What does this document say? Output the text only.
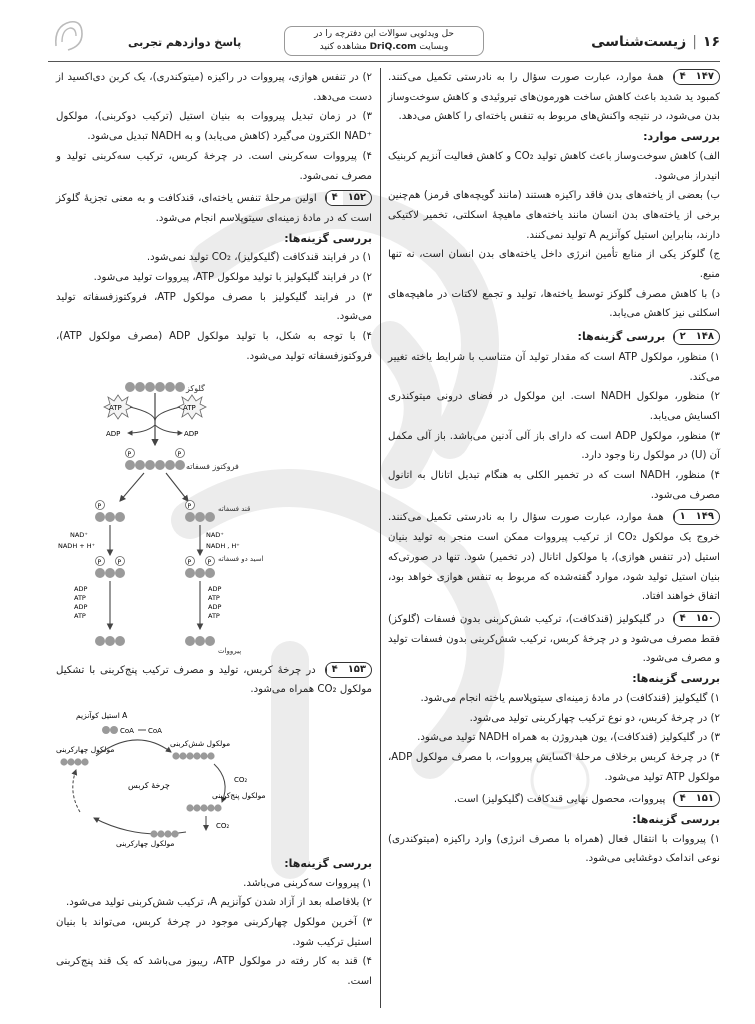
پاسخ دوازدهم تجربی
حل ویدئویی سوالات این دفترچه را در
وبسایت DriQ.com مشاهده کنید	۱۶|زیست‌شناسی

۴	۱۴۷
همهٔ موارد، عبارت صورت سؤال را به نادرستی تکمیل می‌کنند. کمبود ید شدید باعث کاهش ساخت هورمون‌های تیروئیدی و کاهش سوخت‌وساز بدن می‌شود، در نتیجه واکنش‌های مربوط به تنفس یاخته‌ای را کاهش می‌دهد.

بررسی موارد:

الف) کاهش سوخت‌وساز باعث کاهش تولید CO₂ و کاهش فعالیت آنزیم کربنیک انیدراز می‌شود.

ب) بعضی از یاخته‌های بدن فاقد راکیزه هستند (مانند گویچه‌های قرمز) هم‌چنین برخی از یاخته‌های بدن انسان مانند یاخته‌های ماهیچهٔ اسکلتی، تخمیر لاکتیکی دارند، بنابراین استیل کوآنزیم A تولید نمی‌کنند.

ج) گلوکز یکی از منابع تأمین انرژی داخل یاخته‌های بدن انسان است، نه تنها منبع.

د) با کاهش مصرف گلوکز توسط یاخته‌ها، تولید و تجمع لاکتات در ماهیچه‌های اسکلتی نیز کاهش می‌یابد.

۲	۱۴۸
بررسی گزینه‌ها:

۱) منظور، مولکول ATP است که مقدار تولید آن متناسب با شرایط یاخته تغییر می‌کند.

۲) منظور، مولکول NADH است. این مولکول در فضای درونی میتوکندری اکسایش می‌یابد.

۳) منظور، مولکول ADP است که دارای باز آلی آدنین می‌باشد. باز آلی مکمل آن (U) در مولکول رنا وجود دارد.

۴) منظور، NADH است که در تخمیر الکلی به هنگام تبدیل اتانال به اتانول مصرف می‌شود.

۱	۱۴۹
همهٔ موارد، عبارت صورت سؤال را به نادرستی تکمیل می‌کنند. خروج یک مولکول CO₂ از ترکیب پیرووات ممکن است منجر به تولید بنیان استیل (در تنفس هوازی)، یا مولکول اتانال (در تخمیر) شود. تنها در صورتی‌که بنیان استیل تولید شود، موارد گفته‌شده که مربوط به تنفس هوازی خواهد بود، اتفاق خواهند افتاد.

۴	۱۵۰
در گلیکولیز (قندکافت)، ترکیب شش‌کربنی بدون فسفات (گلوکز) فقط مصرف می‌شود و در چرخهٔ کربس، ترکیب شش‌کربنی بدون فسفات تولید و مصرف می‌شود.

بررسی گزینه‌ها:

۱) گلیکولیز (قندکافت) در مادهٔ زمینه‌ای سیتوپلاسم یاخته انجام می‌شود.

۲) در چرخهٔ کربس، دو نوع ترکیب چهارکربنی تولید می‌شود.

۳) در گلیکولیز (قندکافت)، یون هیدروژن به همراه NADH تولید می‌شود.

۴) در چرخهٔ کربس برخلاف مرحلهٔ اکسایش پیرووات، با مصرف مولکول ADP، مولکول ATP تولید می‌شود.

۴	۱۵۱
پیرووات، محصول نهایی قندکافت (گلیکولیز) است.

بررسی گزینه‌ها:

۱) پیرووات با انتقال فعال (همراه با مصرف انرژی) وارد راکیزه (میتوکندری) نوعی اندامک دوغشایی می‌شود.

۲) در تنفس هوازی، پیرووات در راکیزه (میتوکندری)، یک کربن دی‌اکسید از دست می‌دهد.

۳) در زمان تبدیل پیرووات به بنیان استیل (ترکیب دوکربنی)، مولکول ⁺NAD الکترون می‌گیرد (کاهش می‌یابد) و به NADH تبدیل می‌شود.

۴) پیرووات سه‌کربنی است. در چرخهٔ کربس، ترکیب سه‌کربنی تولید و مصرف نمی‌شود.

۴	۱۵۲
اولین مرحلهٔ تنفس یاخته‌ای، قندکافت و به معنی تجزیهٔ گلوکز است که در مادهٔ زمینه‌ای سیتوپلاسم انجام می‌شود.

بررسی گزینه‌ها:

۱) در فرایند قندکافت (گلیکولیز)، CO₂ تولید نمی‌شود.

۲) در فرایند گلیکولیز با تولید مولکول ATP، پیرووات تولید می‌شود.

۳) در فرایند گلیکولیز با مصرف مولکول ATP، فروکتوزفسفاته تولید می‌شود.

۴) با توجه به شکل، با تولید مولکول ADP (مصرف مولکول ATP)، فروکتوزفسفاته تولید می‌شود.

گلوکز
ATP	ATP
ADP	ADP
P	P
فروکتوز فسفاته
P	P	قند فسفاته
NAD⁺
NADH + H⁺
NAD⁺
NADH , H⁺
P	P	P	P اسید دو فسفاته
ADP
ATP
ADP
ATP
ADP
ATP
ADP
ATP
پیرووات

۴	۱۵۳
در چرخهٔ کربس، تولید و مصرف ترکیب پنج‌کربنی با تشکیل مولکول CO₂ همراه می‌شود.

استیل کوآنزیم A
CoA CoA
مولکول شش‌کربنی
مولکول چهارکربنی
چرخهٔ کربس
CO₂
مولکول پنج‌کربنی
CO₂
مولکول چهارکربنی

بررسی گزینه‌ها:

۱) پیرووات سه‌کربنی می‌باشد.

۲) بلافاصله بعد از آزاد شدن کوآنزیم A، ترکیب شش‌کربنی تولید می‌شود.

۳) آخرین مولکول چهارکربنی موجود در چرخهٔ کربس، می‌تواند با بنیان استیل ترکیب شود.

۴) قند به کار رفته در مولکول ATP، ریبوز می‌باشد که یک قند پنج‌کربنی است.
